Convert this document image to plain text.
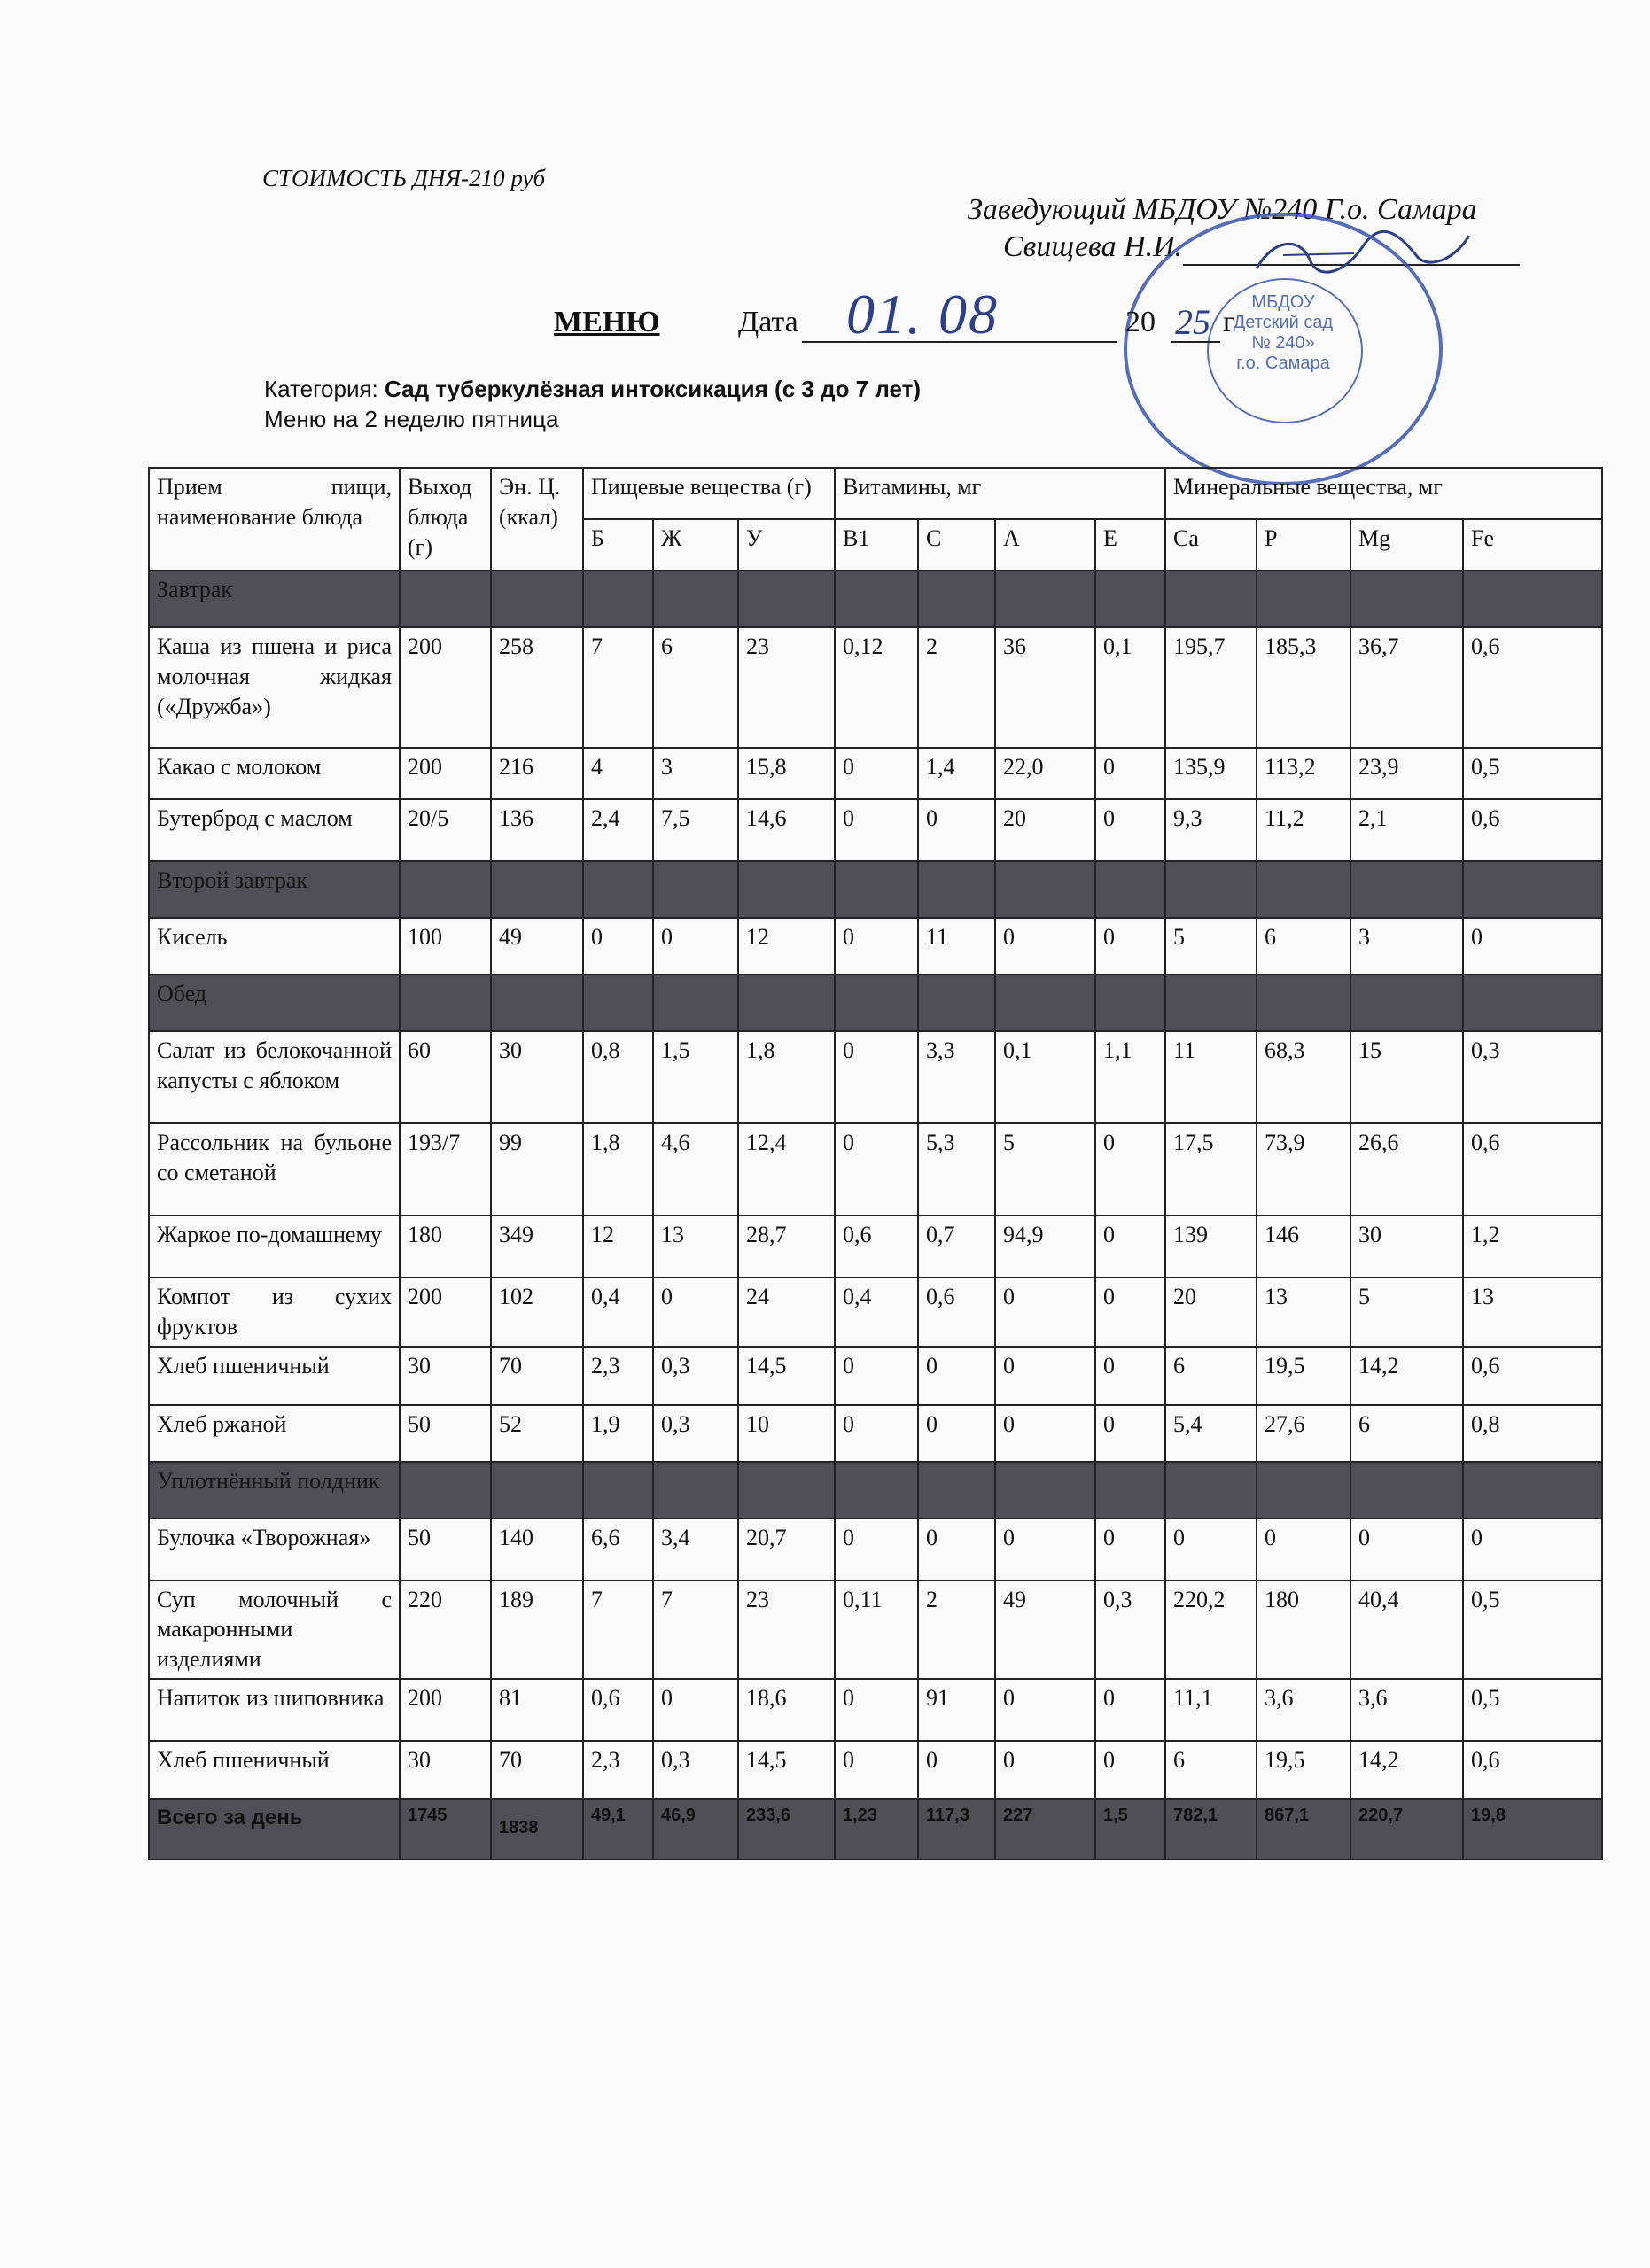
СТОИМОСТЬ ДНЯ-210 руб
Заведующий МБДОУ №240 Г.о. Самара
Свищева Н.И.
МБДОУ
Детский сад
№ 240»
г.о. Самара
МЕНЮ	Дата 01. 08	20 25 г
Категория: Сад туберкулёзная интоксикация (с 3 до 7 лет)
Меню на 2 неделю пятница
Прием пищи, наименование блюда	Выход блюда (г)	Эн. Ц. (ккал)	Пищевые вещества (г)			Витамины, мг				Минеральные вещества, мг			
			Б	Ж	У	В1	С	А	Е	Са	Р	Mg	Fe
Завтрак													
Каша из пшена и риса молочная жидкая («Дружба»)	200	258	7	6	23	0,12	2	36	0,1	195,7	185,3	36,7	0,6
Какао с молоком	200	216	4	3	15,8	0	1,4	22,0	0	135,9	113,2	23,9	0,5
Бутерброд с маслом	20/5	136	2,4	7,5	14,6	0	0	20	0	9,3	11,2	2,1	0,6
Второй завтрак													
Кисель	100	49	0	0	12	0	11	0	0	5	6	3	0
Обед													
Салат из белокочанной капусты с яблоком	60	30	0,8	1,5	1,8	0	3,3	0,1	1,1	11	68,3	15	0,3
Рассольник на бульоне со сметаной	193/7	99	1,8	4,6	12,4	0	5,3	5	0	17,5	73,9	26,6	0,6
Жаркое по-домашнему	180	349	12	13	28,7	0,6	0,7	94,9	0	139	146	30	1,2
Компот из сухих фруктов	200	102	0,4	0	24	0,4	0,6	0	0	20	13	5	13
Хлеб пшеничный	30	70	2,3	0,3	14,5	0	0	0	0	6	19,5	14,2	0,6
Хлеб ржаной	50	52	1,9	0,3	10	0	0	0	0	5,4	27,6	6	0,8
Уплотнённый полдник													
Булочка «Творожная»	50	140	6,6	3,4	20,7	0	0	0	0	0	0	0	0
Суп молочный с макаронными изделиями	220	189	7	7	23	0,11	2	49	0,3	220,2	180	40,4	0,5
Напиток из шиповника	200	81	0,6	0	18,6	0	91	0	0	11,1	3,6	3,6	0,5
Хлеб пшеничный	30	70	2,3	0,3	14,5	0	0	0	0	6	19,5	14,2	0,6
Всего за день	1745	1838	49,1	46,9	233,6	1,23	117,3	227	1,5	782,1	867,1	220,7	19,8
